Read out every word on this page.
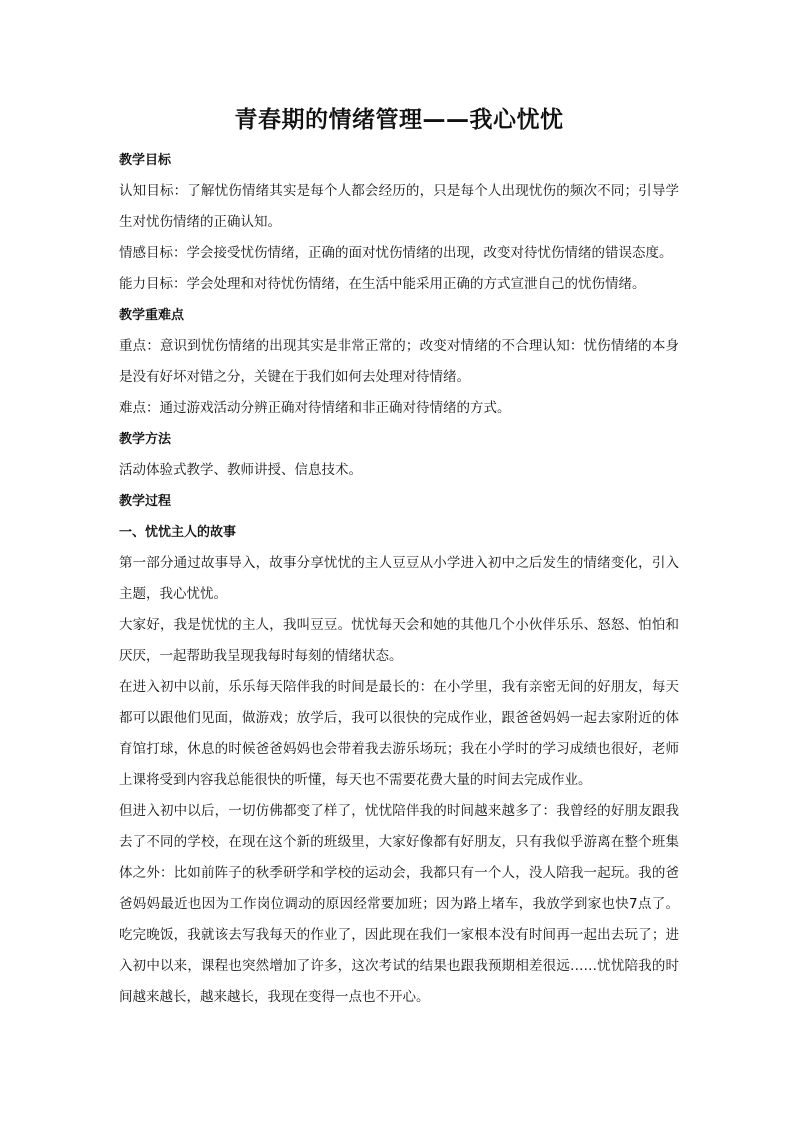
青春期的情绪管理——我心忧忧

教学目标

认知目标：了解忧伤情绪其实是每个人都会经历的，只是每个人出现忧伤的频次不同；引导学生对忧伤情绪的正确认知。

情感目标：学会接受忧伤情绪，正确的面对忧伤情绪的出现，改变对待忧伤情绪的错误态度。

能力目标：学会处理和对待忧伤情绪，在生活中能采用正确的方式宣泄自己的忧伤情绪。

教学重难点

重点：意识到忧伤情绪的出现其实是非常正常的；改变对情绪的不合理认知：忧伤情绪的本身是没有好坏对错之分，关键在于我们如何去处理对待情绪。

难点：通过游戏活动分辨正确对待情绪和非正确对待情绪的方式。

教学方法

活动体验式教学、教师讲授、信息技术。

教学过程

一、忧忧主人的故事

第一部分通过故事导入，故事分享忧忧的主人豆豆从小学进入初中之后发生的情绪变化，引入主题，我心忧忧。

大家好，我是忧忧的主人，我叫豆豆。忧忧每天会和她的其他几个小伙伴乐乐、怒怒、怕怕和厌厌，一起帮助我呈现我每时每刻的情绪状态。

在进入初中以前，乐乐每天陪伴我的时间是最长的：在小学里，我有亲密无间的好朋友，每天都可以跟他们见面，做游戏；放学后，我可以很快的完成作业，跟爸爸妈妈一起去家附近的体育馆打球，休息的时候爸爸妈妈也会带着我去游乐场玩；我在小学时的学习成绩也很好，老师上课将受到内容我总能很快的听懂，每天也不需要花费大量的时间去完成作业。

但进入初中以后，一切仿佛都变了样了，忧忧陪伴我的时间越来越多了：我曾经的好朋友跟我去了不同的学校，在现在这个新的班级里，大家好像都有好朋友，只有我似乎游离在整个班集体之外：比如前阵子的秋季研学和学校的运动会，我都只有一个人，没人陪我一起玩。我的爸爸妈妈最近也因为工作岗位调动的原因经常要加班；因为路上堵车，我放学到家也快7点了。吃完晚饭，我就该去写我每天的作业了，因此现在我们一家根本没有时间再一起出去玩了；进入初中以来，课程也突然增加了许多，这次考试的结果也跟我预期相差很远……忧忧陪我的时间越来越长，越来越长，我现在变得一点也不开心。
